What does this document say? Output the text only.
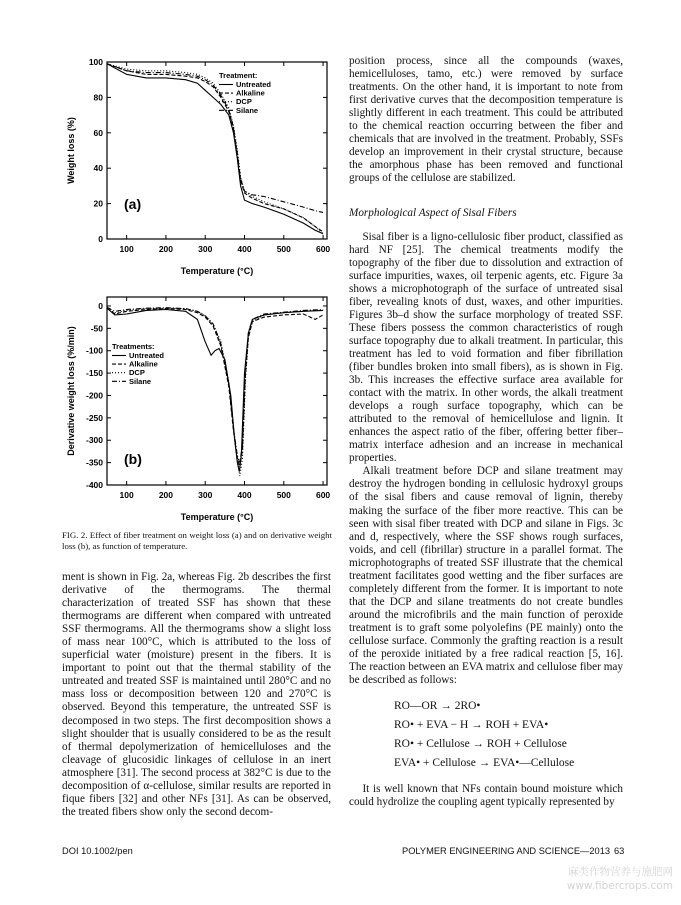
100	200	300	400	500	600
0
20
40
60
80
100
Temperature (°C)
Weight loss (%)
Treatment:
Untreated
Alkaline
DCP
Silane
(a)
100	200	300	400	500	600
0
-50
-100
-150
-200
-250
-300
-350
-400
Temperature (°C)
Derivative weight loss (%/min)	Treatments:
Untreated
Alkaline
DCP
Silane
(b)
FIG. 2. Effect of fiber treatment on weight loss (a) and on derivative weight loss (b), as function of temperature.

ment is shown in Fig. 2a, whereas Fig. 2b describes the first derivative of the thermograms. The thermal characterization of treated SSF has shown that these thermograms are different when compared with untreated SSF thermograms. All the thermograms show a slight loss of mass near 100°C, which is attributed to the loss of superficial water (moisture) present in the fibers. It is important to point out that the thermal stability of the untreated and treated SSF is maintained until 280°C and no mass loss or decomposition between 120 and 270°C is observed. Beyond this temperature, the untreated SSF is decomposed in two steps. The first decomposition shows a slight shoulder that is usually considered to be as the result of thermal depolymerization of hemicelluloses and the cleavage of glucosidic linkages of cellulose in an inert atmosphere [31]. The second process at 382°C is due to the decomposition of α-cellulose, similar results are reported in fique fibers [32] and other NFs [31]. As can be observed, the treated fibers show only the second decom-

position process, since all the compounds (waxes, hemicelluloses, tamo, etc.) were removed by surface treatments. On the other hand, it is important to note from first derivative curves that the decomposition temperature is slightly different in each treatment. This could be attributed to the chemical reaction occurring between the fiber and chemicals that are involved in the treatment. Probably, SSFs develop an improvement in their crystal structure, because the amorphous phase has been removed and functional groups of the cellulose are stabilized.

Morphological Aspect of Sisal Fibers

Sisal fiber is a ligno-cellulosic fiber product, classified as hard NF [25]. The chemical treatments modify the topography of the fiber due to dissolution and extraction of surface impurities, waxes, oil terpenic agents, etc. Figure 3a shows a microphotograph of the surface of untreated sisal fiber, revealing knots of dust, waxes, and other impurities. Figures 3b–d show the surface morphology of treated SSF. These fibers possess the common characteristics of rough surface topography due to alkali treatment. In particular, this treatment has led to void formation and fiber fibrillation (fiber bundles broken into small fibers), as is shown in Fig. 3b. This increases the effective surface area available for contact with the matrix. In other words, the alkali treatment develops a rough surface topography, which can be attributed to the removal of hemicellulose and lignin. It enhances the aspect ratio of the fiber, offering better fiber–matrix interface adhesion and an increase in mechanical properties.

Alkali treatment before DCP and silane treatment may destroy the hydrogen bonding in cellulosic hydroxyl groups of the sisal fibers and cause removal of lignin, thereby making the surface of the fiber more reactive. This can be seen with sisal fiber treated with DCP and silane in Figs. 3c and d, respectively, where the SSF shows rough surfaces, voids, and cell (fibrillar) structure in a parallel format. The microphotographs of treated SSF illustrate that the chemical treatment facilitates good wetting and the fiber surfaces are completely different from the former. It is important to note that the DCP and silane treatments do not create bundles around the microfibrils and the main function of peroxide treatment is to graft some polyolefins (PE mainly) onto the cellulose surface. Commonly the grafting reaction is a result of the peroxide initiated by a free radical reaction [5, 16]. The reaction between an EVA matrix and cellulose fiber may be described as follows:

RO—OR → 2RO•
RO• + EVA − H → ROH + EVA•
RO• + Cellulose → ROH + Cellulose
EVA• + Cellulose → EVA•—Cellulose

It is well known that NFs contain bound moisture which could hydrolize the coupling agent typically represented by

DOI 10.1002/pen	POLYMER ENGINEERING AND SCIENCE—2013 63
麻类作物营养与施肥网
www.fibercrops.com
